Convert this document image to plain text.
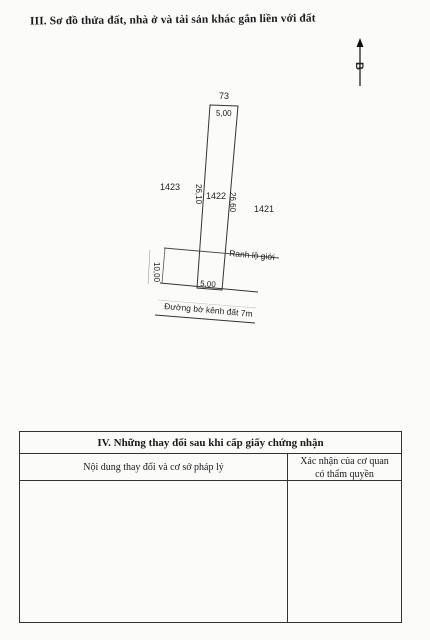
III. Sơ đồ thửa đất, nhà ở và tài sản khác gắn liền với đất
B
73
5,00
1423
1422
1421
26,10	26,60
Ranh lộ giới
10,00
5,00
Đường bờ kênh đất 7m
IV. Những thay đổi sau khi cấp giấy chứng nhận
Nội dung thay đổi và cơ sở pháp lý	Xác nhận của cơ quan
có thẩm quyền
